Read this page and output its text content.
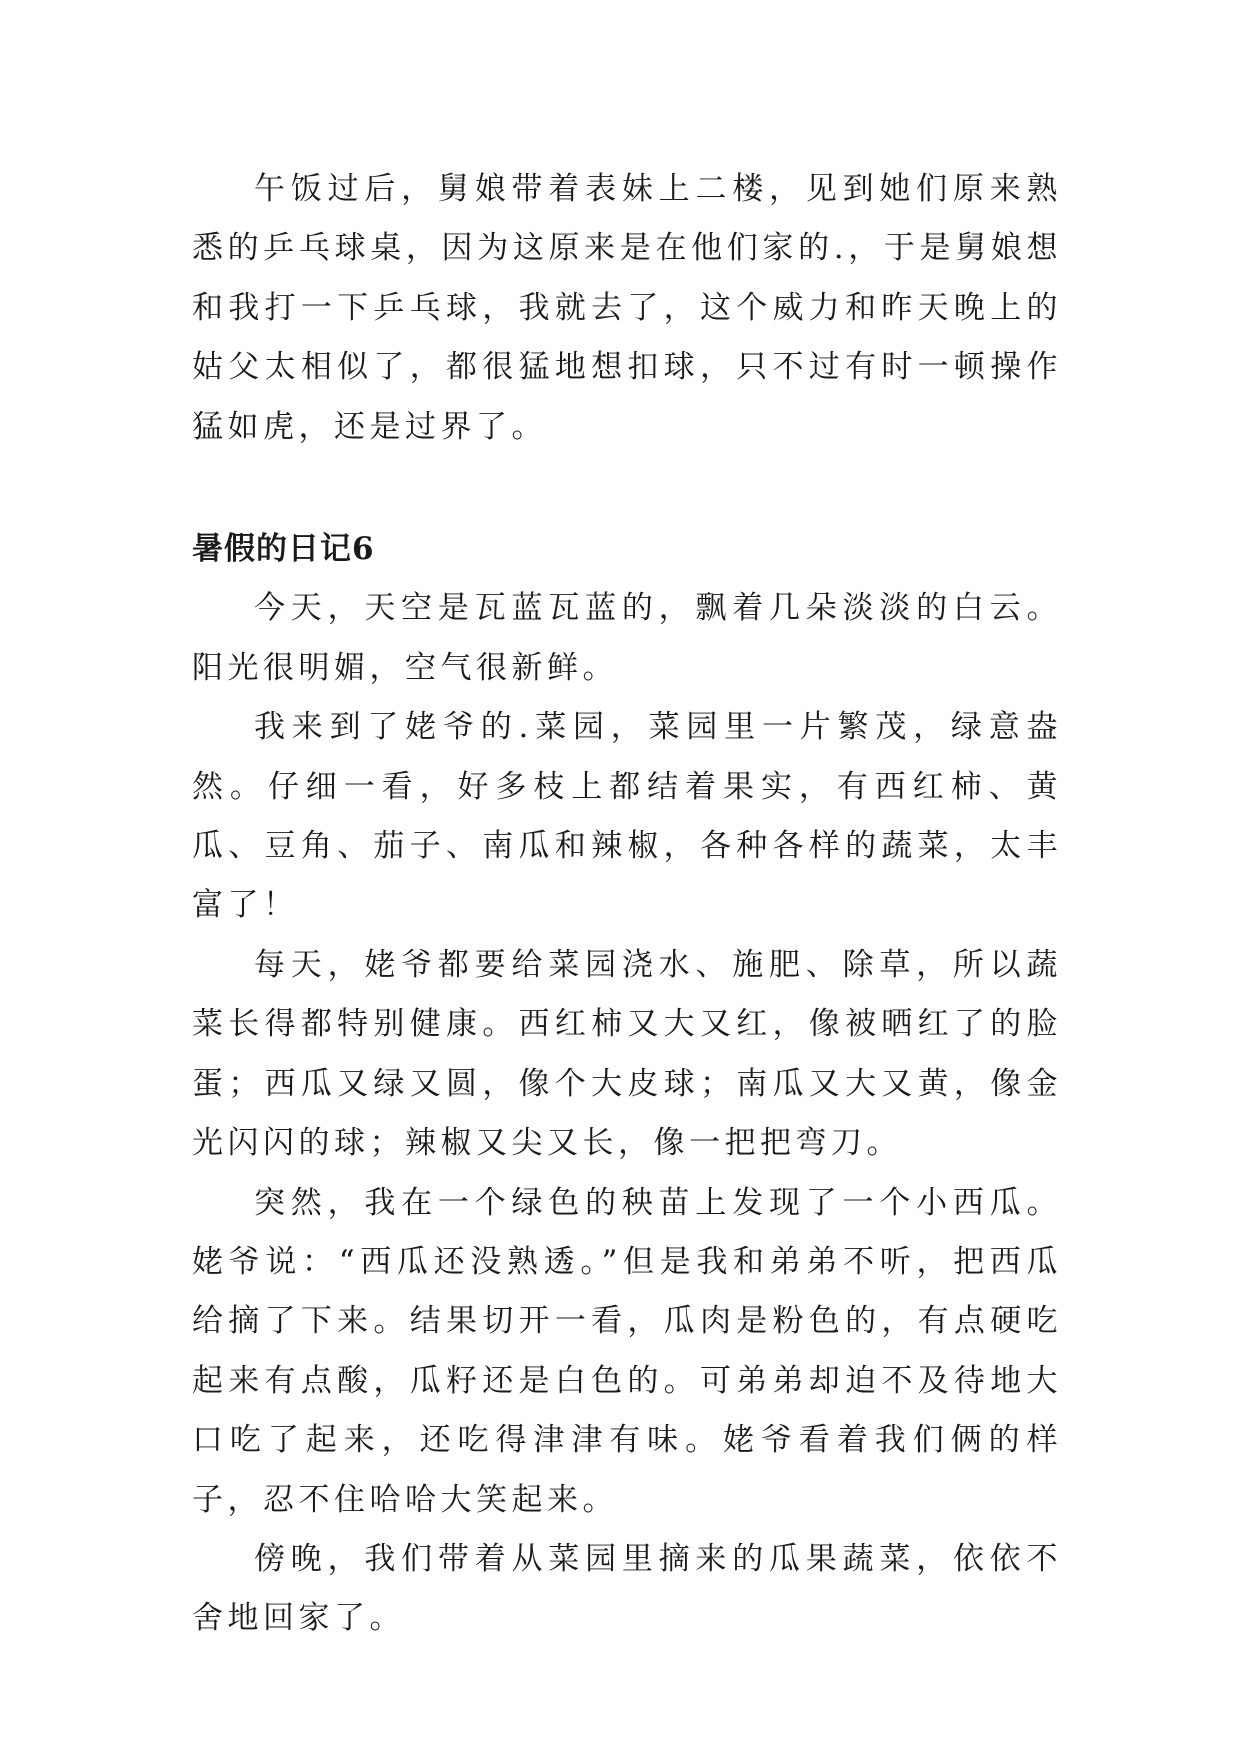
午饭过后，舅娘带着表妹上二楼，见到她们原来熟悉的乒乓球桌，因为这原来是在他们家的.，于是舅娘想和我打一下乒乓球，我就去了，这个威力和昨天晚上的姑父太相似了，都很猛地想扣球，只不过有时一顿操作猛如虎，还是过界了。

暑假的日记6

今天，天空是瓦蓝瓦蓝的，飘着几朵淡淡的白云。阳光很明媚，空气很新鲜。

我来到了姥爷的.菜园，菜园里一片繁茂，绿意盎然。仔细一看，好多枝上都结着果实，有西红柿、黄瓜、豆角、茄子、南瓜和辣椒，各种各样的蔬菜，太丰富了！

每天，姥爷都要给菜园浇水、施肥、除草，所以蔬菜长得都特别健康。西红柿又大又红，像被晒红了的脸蛋；西瓜又绿又圆，像个大皮球；南瓜又大又黄，像金光闪闪的球；辣椒又尖又长，像一把把弯刀。

突然，我在一个绿色的秧苗上发现了一个小西瓜。姥爷说：“西瓜还没熟透。”但是我和弟弟不听，把西瓜给摘了下来。结果切开一看，瓜肉是粉色的，有点硬吃起来有点酸，瓜籽还是白色的。可弟弟却迫不及待地大口吃了起来，还吃得津津有味。姥爷看着我们俩的样子，忍不住哈哈大笑起来。

傍晚，我们带着从菜园里摘来的瓜果蔬菜，依依不舍地回家了。
